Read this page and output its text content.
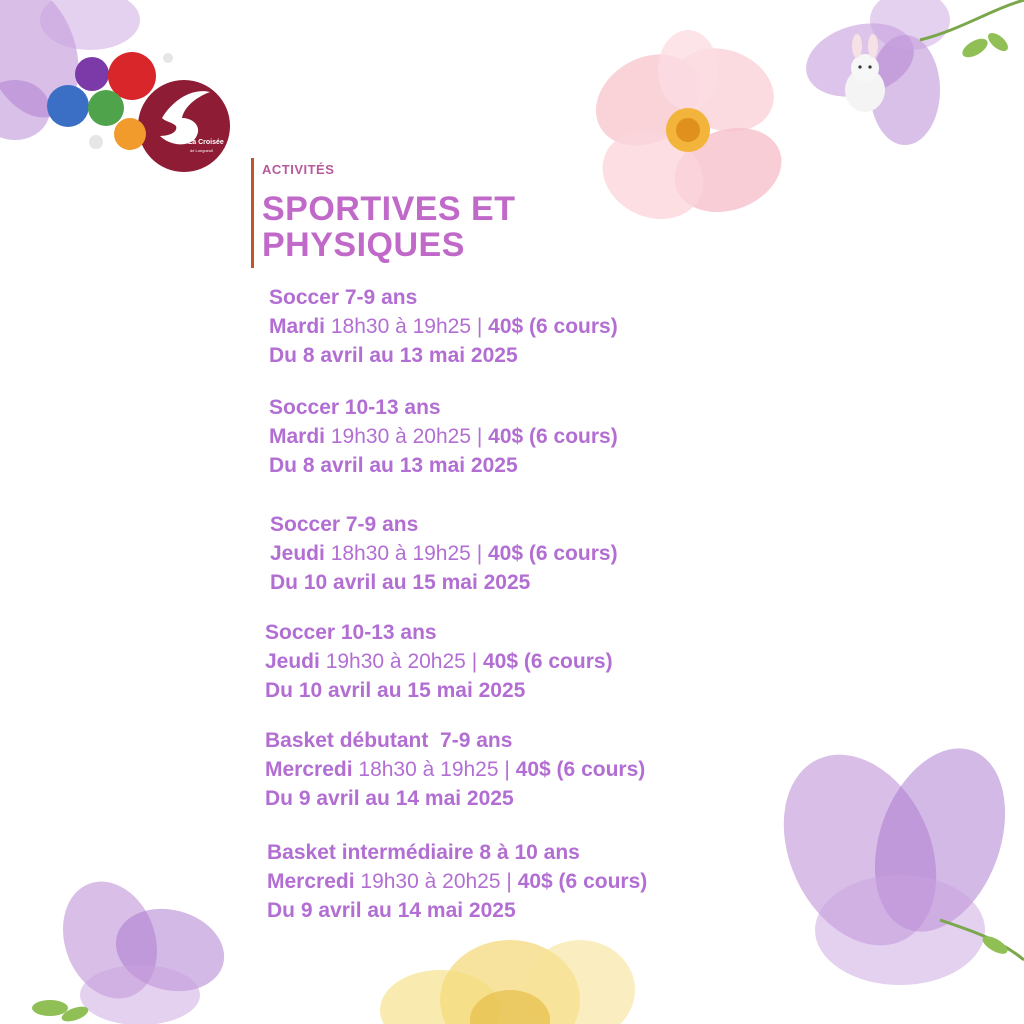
La Croisée
de Longueuil
ACTIVITÉS
SPORTIVES ET
PHYSIQUES
Soccer 7-9 ans
Mardi 18h30 à 19h25 | 40$ (6 cours)
Du 8 avril au 13 mai 2025
Soccer 10-13 ans
Mardi 19h30 à 20h25 | 40$ (6 cours)
Du 8 avril au 13 mai 2025
Soccer 7-9 ans
Jeudi 18h30 à 19h25 | 40$ (6 cours)
Du 10 avril au 15 mai 2025
Soccer 10-13 ans
Jeudi 19h30 à 20h25 | 40$ (6 cours)
Du 10 avril au 15 mai 2025
Basket débutant  7-9 ans
Mercredi 18h30 à 19h25 | 40$ (6 cours)
Du 9 avril au 14 mai 2025
Basket intermédiaire 8 à 10 ans
Mercredi 19h30 à 20h25 | 40$ (6 cours)
Du 9 avril au 14 mai 2025
